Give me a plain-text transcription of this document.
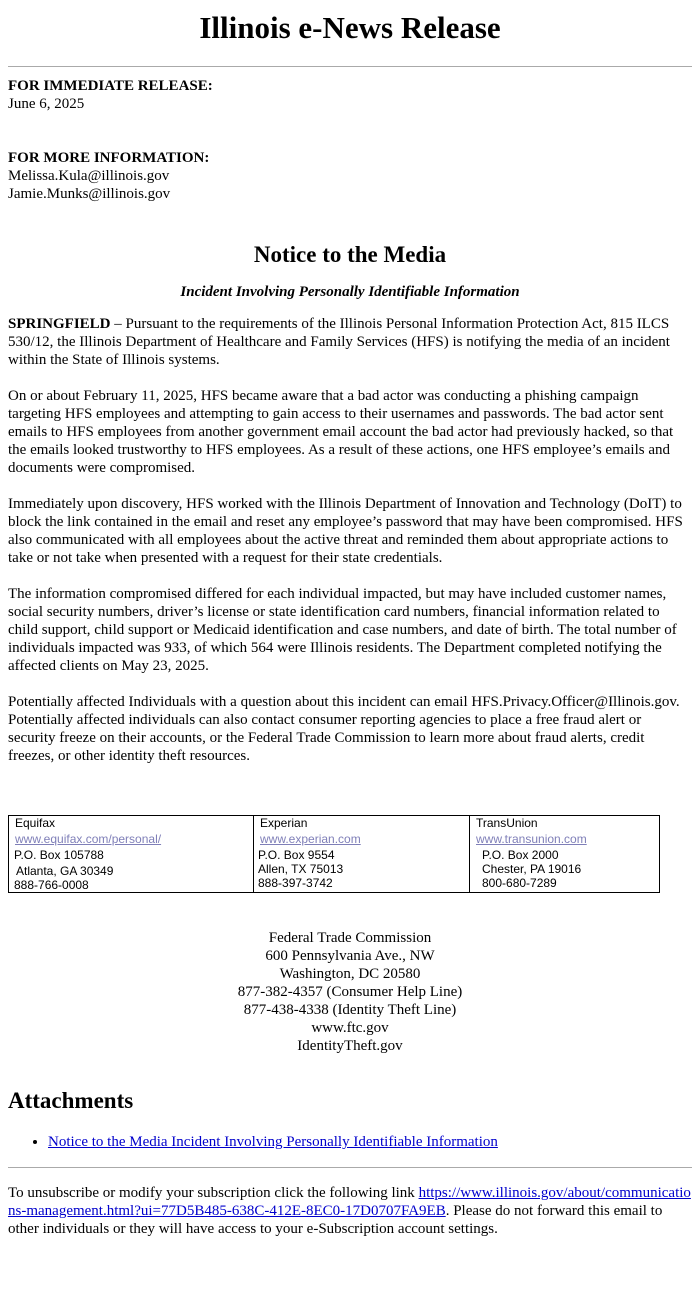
Illinois e-News Release
FOR IMMEDIATE RELEASE:
June 6, 2025
FOR MORE INFORMATION:
Melissa.Kula@illinois.gov
Jamie.Munks@illinois.gov
Notice to the Media
Incident Involving Personally Identifiable Information

SPRINGFIELD – Pursuant to the requirements of the Illinois Personal Information Protection Act, 815 ILCS 530/12, the Illinois Department of Healthcare and Family Services (HFS) is notifying the media of an incident within the State of Illinois systems.

On or about February 11, 2025, HFS became aware that a bad actor was conducting a phishing campaign targeting HFS employees and attempting to gain access to their usernames and passwords. The bad actor sent emails to HFS employees from another government email account the bad actor had previously hacked, so that the emails looked trustworthy to HFS employees. As a result of these actions, one HFS employee’s emails and documents were compromised.

Immediately upon discovery, HFS worked with the Illinois Department of Innovation and Technology (DoIT) to block the link contained in the email and reset any employee’s password that may have been compromised. HFS also communicated with all employees about the active threat and reminded them about appropriate actions to take or not take when presented with a request for their state credentials.

The information compromised differed for each individual impacted, but may have included customer names, social security numbers, driver’s license or state identification card numbers, financial information related to child support, child support or Medicaid identification and case numbers, and date of birth. The total number of individuals impacted was 933, of which 564 were Illinois residents. The Department completed notifying the affected clients on May 23, 2025.

Potentially affected Individuals with a question about this incident can email HFS.Privacy.Officer@Illinois.gov. Potentially affected individuals can also contact consumer reporting agencies to place a free fraud alert or security freeze on their accounts, or the Federal Trade Commission to learn more about fraud alerts, credit freezes, or other identity theft resources.

Equifax
www.equifax.com/personal/
P.O. Box 105788
Atlanta, GA 30349
888-766-0008

Experian
www.experian.com
P.O. Box 9554
Allen, TX 75013
888-397-3742

TransUnion
www.transunion.com
P.O. Box 2000
Chester, PA 19016
800-680-7289
Federal Trade Commission
600 Pennsylvania Ave., NW
Washington, DC 20580
877-382-4357 (Consumer Help Line)
877-438-4338 (Identity Theft Line)
www.ftc.gov
IdentityTheft.gov
Attachments
• Notice to the Media Incident Involving Personally Identifiable Information

To unsubscribe or modify your subscription click the following link https://www.illinois.gov/about/communications-management.html?ui=77D5B485-638C-412E-8EC0-17D0707FA9EB. Please do not forward this email to other individuals or they will have access to your e-Subscription account settings.
